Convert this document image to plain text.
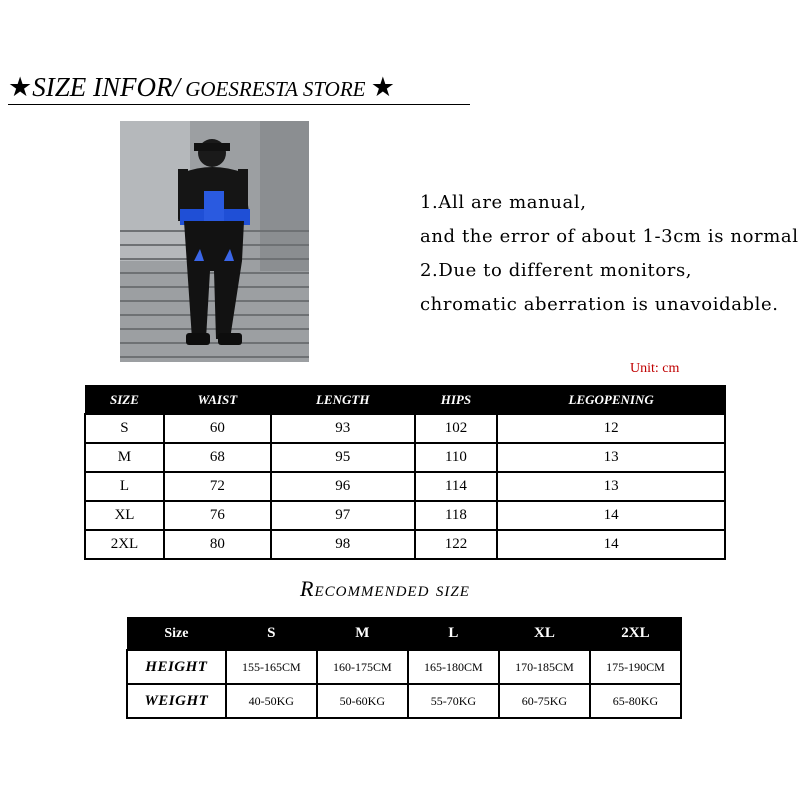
★SIZE INFOR/ GOESRESTA STORE ★
1.All are manual,
and the error of about 1-3cm is normal
2.Due to different monitors,
chromatic aberration is unavoidable.
Unit: cm
SIZE	WAIST	LENGTH	HIPS	LEGOPENING
S	60	93	102	12
M	68	95	110	13
L	72	96	114	13
XL	76	97	118	14
2XL	80	98	122	14
Recommended size
Size	S	M	L	XL	2XL
HEIGHT	155-165CM	160-175CM	165-180CM	170-185CM	175-190CM
WEIGHT	40-50KG	50-60KG	55-70KG	60-75KG	65-80KG
